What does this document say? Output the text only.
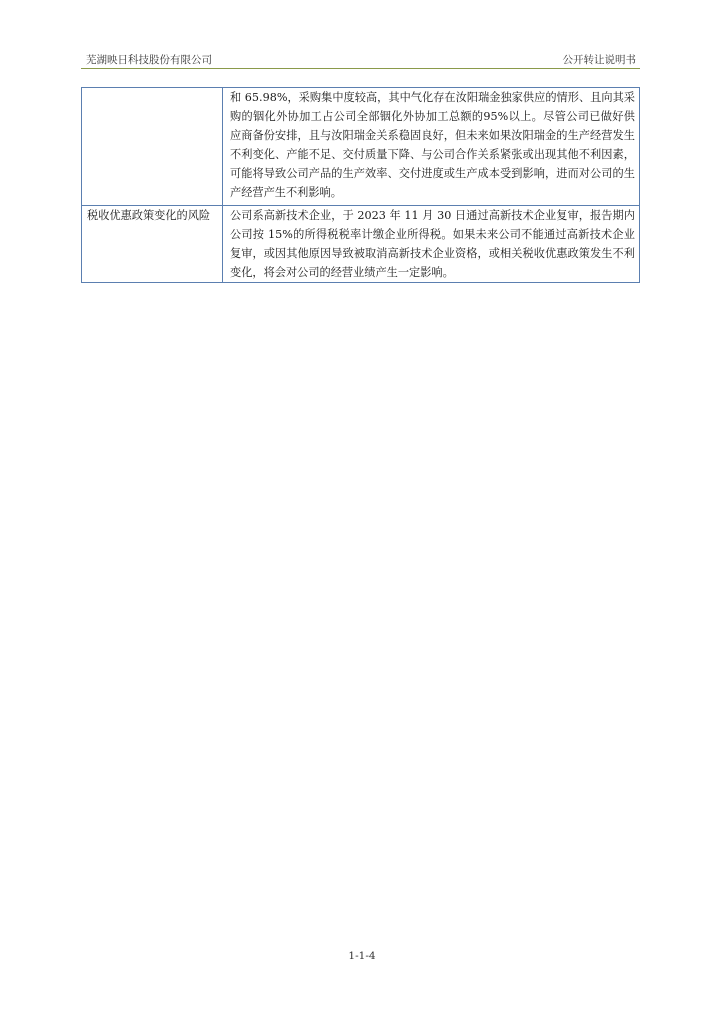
芜湖映日科技股份有限公司	公开转让说明书
	和 65.98%，采购集中度较高，其中气化存在汝阳瑞金独家供应的情形、且向其采购的铟化外协加工占公司全部铟化外协加工总额的95%以上。尽管公司已做好供应商备份安排，且与汝阳瑞金关系稳固良好，但未来如果汝阳瑞金的生产经营发生不利变化、产能不足、交付质量下降、与公司合作关系紧张或出现其他不利因素，可能将导致公司产品的生产效率、交付进度或生产成本受到影响，进而对公司的生产经营产生不利影响。
税收优惠政策变化的风险	公司系高新技术企业，于 2023 年 11 月 30 日通过高新技术企业复审，报告期内公司按 15%的所得税税率计缴企业所得税。如果未来公司不能通过高新技术企业复审，或因其他原因导致被取消高新技术企业资格，或相关税收优惠政策发生不利变化，将会对公司的经营业绩产生一定影响。
1-1-4
